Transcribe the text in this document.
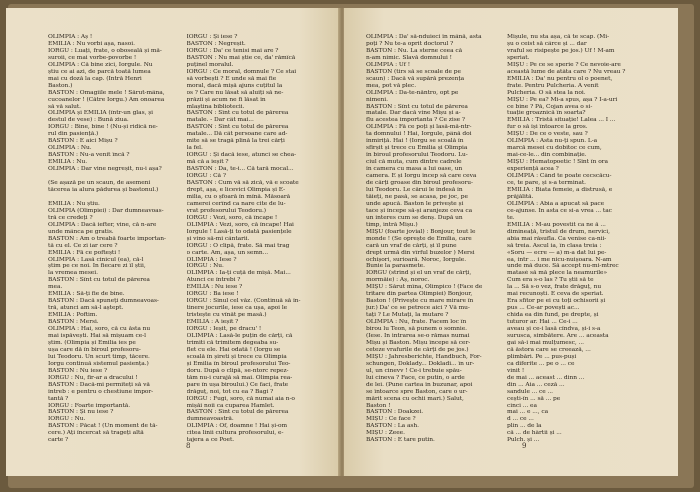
OLIMPIA : Aș !
EMILIA : Nu vorbi așa, nasoi.
IORGU : Luați, frate, o oboseală și mă-
suroii, ce mai vorbe-povorbe !
OLIMPIA : Că bine zici, Iorgule. Nu
știu ce ai azi, de parcă toată lumea
mai cu doză la cap. (Intră Henri
Baston.)
BASTON : Omagiile mele ! Sărut-mâna,
cucoanelor ! (Către Iorgu.) Am onoarea
să vă salut.
OLIMPIA și EMILIA (într-un glas, și
destul de vese) : Bună ziua.
IORGU : Bine, bine ! (Nu-și ridică ne-
rul din pasiență.)
BASTON : E aici Mișu ?
OLIMPIA : Nu.
BASTON : Nu-a venit încă ?
EMILIA : Nu.
OLIMPIA : Dar vine negreșit, nu-i așa?

(Se așază pe un scaun, de asemeni
tăcerea ia alura pădurea și bastonul.)

EMILIA : Nu știu.
OLIMPIA (Olimpiei) : Dar dumneavoas-
tră ce credeți ?
OLIMPIA : Dacă iefter, vine, că n-are
unde mânca pe gratis.
BASTON : Am o treabă foarte importan-
tă cu el. Ce zi iar cere ?
EMILIA : Fă ce poftești !
OLIMPIA : Lasă cinicul (ea), că-l
știm pe ce noi. În fiecare zi îl știi,
la vremea mesei.
BASTON : Sînt cu totul de părerea
mea.
EMILIA : Să-ți fie de bine.
BASTON : Dacă spuneți dumneavoas-
tră, atunci am să-l aștept.
EMILIA : Poftim.
BASTON : Mersi.
OLIMPIA : Hai, soro, că cu ăsta nu
mai ispăvești. Hai să mișuam ce-l
știm. (Olimpia și Emilia ies pe
ușa care dă în biroul profesoru-
lui Teodoru. Un scurt timp, tăcere.
Iorgu continuă sistemul pasiența.)
BASTON : Nu iese ?
IORGU : Nu, fir-ar a dracului !
BASTON : Dacă-mi permiteți să vă
întreb : e pentru o chestiune impor-
tantă ?
IORGU : Foarte importantă.
BASTON : Și nu iese ?
IORGU : Nu.
BASTON : Păcat ! (Un moment de tă-
cere.) Ați încercat să trageți altă
carte ?
IORGU : Și iese ?
BASTON : Negreșit.
IORGU : Da' ce tenisi mai are ?
BASTON : Nu mai știe ce, da' rămîcă
puținel moralul.
IORGU : Ce moral, domnule ? Ce stai
să vorbești ? E unde să mai fie
moral, dacă mișă ajuns cuțitul la
os ? Care nu lăsat să aluiți să ne-
prăzii și acum ne fi lăsat în
mlaștina bibliotecii.
BASTON : Sînt cu totul de părerea
matale. - Dar cât mai...
BASTON : Sînt cu totul de părerea
matale... Dă cât persoane care ad-
mite să se tragă plină la trei cărți
la fel.
IORGU : Și dacă iese, atunci se chea-
mă că a ieșit ?
BASTON : Da, te-i... Că tară mocal...
IORGU : Că ?
BASTON : Cum vă să zică, vă e scoate
drept, așa, e licevici Olimpia și E-
milia, cu o șfoară în mînă. Măsoară
camerei cerînd ca nare cite de lu-
vrat profesorului Teodoru.)
IORGU : Vezi, soro, că încape !
OLIMPIA : Vezi, soro, că încape! Hai
Iorgule ! Lasă-ți to odată pasiențele
și vino să-mi cântarii.
IORGU : O clipă, frate. Să mai trag
o carte. Am, așa, un semn...
OLIMPIA : Iese ?
IORGU : Nu.
OLIMPIA : Ia-ți cuță de mișă. Mai...
Atunci ce întrebi ?
EMILIA : Nu iese ?
IORGU : Ba iese !
IORGU : Sinul cel văz. (Continuă să în-
tinere jocurile, iese ca ușa, apoi le
tristește cu vînăt pe masă.)
EMILIA : A ieșit ?
IORGU : Ieșit, pe dracu' !
OLIMPIA : Lasă-le puțin de cărți, că
trimiti că trimitem degeaba su-
flet cu ele. Hai odată ! (Iorgu se
scoală în șireti și trece cu Olimpia
și Emilia în biroul profesorului Teo-
doru. După o clipă, se-ntorc repez-
tăm nu-i curajă să mai. Olimpia rea-
pare în ușa biroului.) Ce faci, frate
drăguț, noi, tot cu ea ? Bagi ?
IORGU : Fugi, soro, că numai aia n-o
mișăi noii ca cuparea Hamlet.
BASTON : Sînt cu totul de părerea
dumneavoastră.
OLIMPIA : Of, doamne ! Hai și-om
citea linii cultura profesorului, e-
tajera a ce Poet.
8
OLIMPIA : Da' să-nduieci în mână, asta
poți ? Nu te-a oprit doctorul ?
BASTON : Nu. La sterne ceea că
n-am nimic. Slavă domnului !
OLIMPIA : Uf !
BASTON (tirs să se scoale de pe
scaun) : Dacă vă supără prezența
mea, pot vă plec.
OLIMPIA : Da-te-năntro, opt pe
nimeni.
BASTON : Sînt cu totul de părerea
matale. Dar dacă vine Mișu și a-
flu acestea importanta ? Ce zise ?
OLIMPIA : Fă ce poți și lasă-mă-ntr-
ta domnului ! Hai, Iorgule, până doi
înmiriță. Hai ! (Iorgu se scoală în
sfîrșit și trece cu Emilia și Olimpia
în biroul profesorului Teodoru. Lu-
ciul că muta, cum dintre cadrele
în camera cu masa a lui oase, un
camera. E și Iorgu încep să care ceva
de cărți groase din biroul profesoru-
lui Teodoru. Le cărui le îndesă în
tăieți, ne pasă, se acasa, pe joc, pe
unde apucă. Baston le privește și
tace și începe să-și aranjeze ceva ca
un interes cum se denș. După un
timp, intră Mișu.)
MIȘU (foarte jovial) : Bonjour, tout le
monde ! (Se oprește de Emilia, care
cară un vraf de cărți, și îl pune
drept urmă din vîrful buzelor ) Mersi
ochișori, surioară. Noroc, Iorgule.
Bunie la parasmete.
IORGU (strînd și el un vraf de cărți,
mormăie) : Aș, noroc.
MIȘU : Sărut mîna, Olimpico ! (Face de
trîtare din partea Olimpiei) Bonjour,
Baston ! (Privește cu mare mirare în
jur.) Da' ce se petrece aici ? Vă mu-
tați ? Le Mutați, la mutare ?
OLIMPIA : Nu, frate. Facem loc în
birou lu Teon, să punem o somnie.
(Iese. În intrarea se-o rămas numai
Mișu și Baston. Mișu începe să cer-
ceteze vrafurile de cărți de pe jos.)
MIȘU : Jahresberichte, Handbuch, For-
schungen, Doklady... Dokladi... în ur-
ul, un cinevv ! Ce-i trebuie spău-
lui cineva ? Face, ce putin, o arde
de lei. (Pune cartea în buzunar, apoi
se întoarce spre Baston, care o ur-
mărit scena cu ochii mari.) Salut,
Baston !
BASTON : Doakzei.
MIȘU : Ce face ?
BASTON : La ash.
MIȘU : Zeee.
BASTON : E tare putin.
Mișule, nu sta așa, că te scap. (Mi-
șu o ceist să cârce și ... dar
vraful se risipește pe jos.) Uf ! M-am
speriat.
MIȘU : Pe ce se sperie ? Ce nevoie-are
această lume de atâta care ? Nu vreau ?
EMILIA : Da' nu pentru ol o poenet,
frate. Pentru Pulcheria. A venit
Pulcheria. O să stea la noi.
MIȘU : Pe ea? Mi-a spus, așa ? I-a-uri
ce bine ? Pă, Cojan avea o si-
tuație groaznică în soarta?
EMILIA : Tristă situație! Lalea ... I ...
fur o să își întoarce la gros.
MIȘU : De ce o veste, sau ?
OLIMPIA : Asta nu-ți spun. L-a
marcă mesei cu dobitoc ce cum,
mai-ce-le... din combinație.
MIȘU : Hematopoetic ! Sînt în ora
experiență acea ?
OLIMPIA : Când te poate cecscăcu-
ce, te pare, și s-a terminat.
EMILIA : Biata femeie, a distrusă, e
prăjălită.
OLIMPIA : Abia a apucat să pace
ce-ajunse. In asta ce si-a vrea ... tac
te.
EMILIA : M-au povestit ca ne ă ...
dimineață, tristul de drum, nervici,
abia mai răsufla. Ca venise ca-nii-
să treia. Ascul ia, în clasa treia :
«Soru — ecre — a) m-a dat lui pe-
ea, intr ... i me nicu-nuișoara. N-am
unde mă duce. Să accept nu-mi-mtrec
matasé să mă plece la neamurile»
Cum era s-o las ? Tu știi să te
la ... Să s-o vez, frate drăguț, nu
mai recunoști. E ceva de speriat.
Era sfîtor pe ei cu toți ochisorii și
pus ... Ce-ar povești ac...
chida ea din fund, pe drepte, și
tuturor ar. Hai ... Ce-i ...
aveau și ce-i lasă cîndva, și-i s-a
surusca, simbătere. Are ... aceasta
gai să-i mai mulțumesc, ...
că ăstora care se creează, ...
plimbări. Pe ... pus-puși
ca diferite ... pe o ... ce
vinit !
de mai ... aceast ... dinn ...
din ... Aia ... ceză ...
sandule ... ce ...
cești-în ... să ... pe
cinci ... ea
mai ... e ..., ca
d ... ce ...
plin ... de la
că ... de hârtii și ...
Pulch. și ...
9
